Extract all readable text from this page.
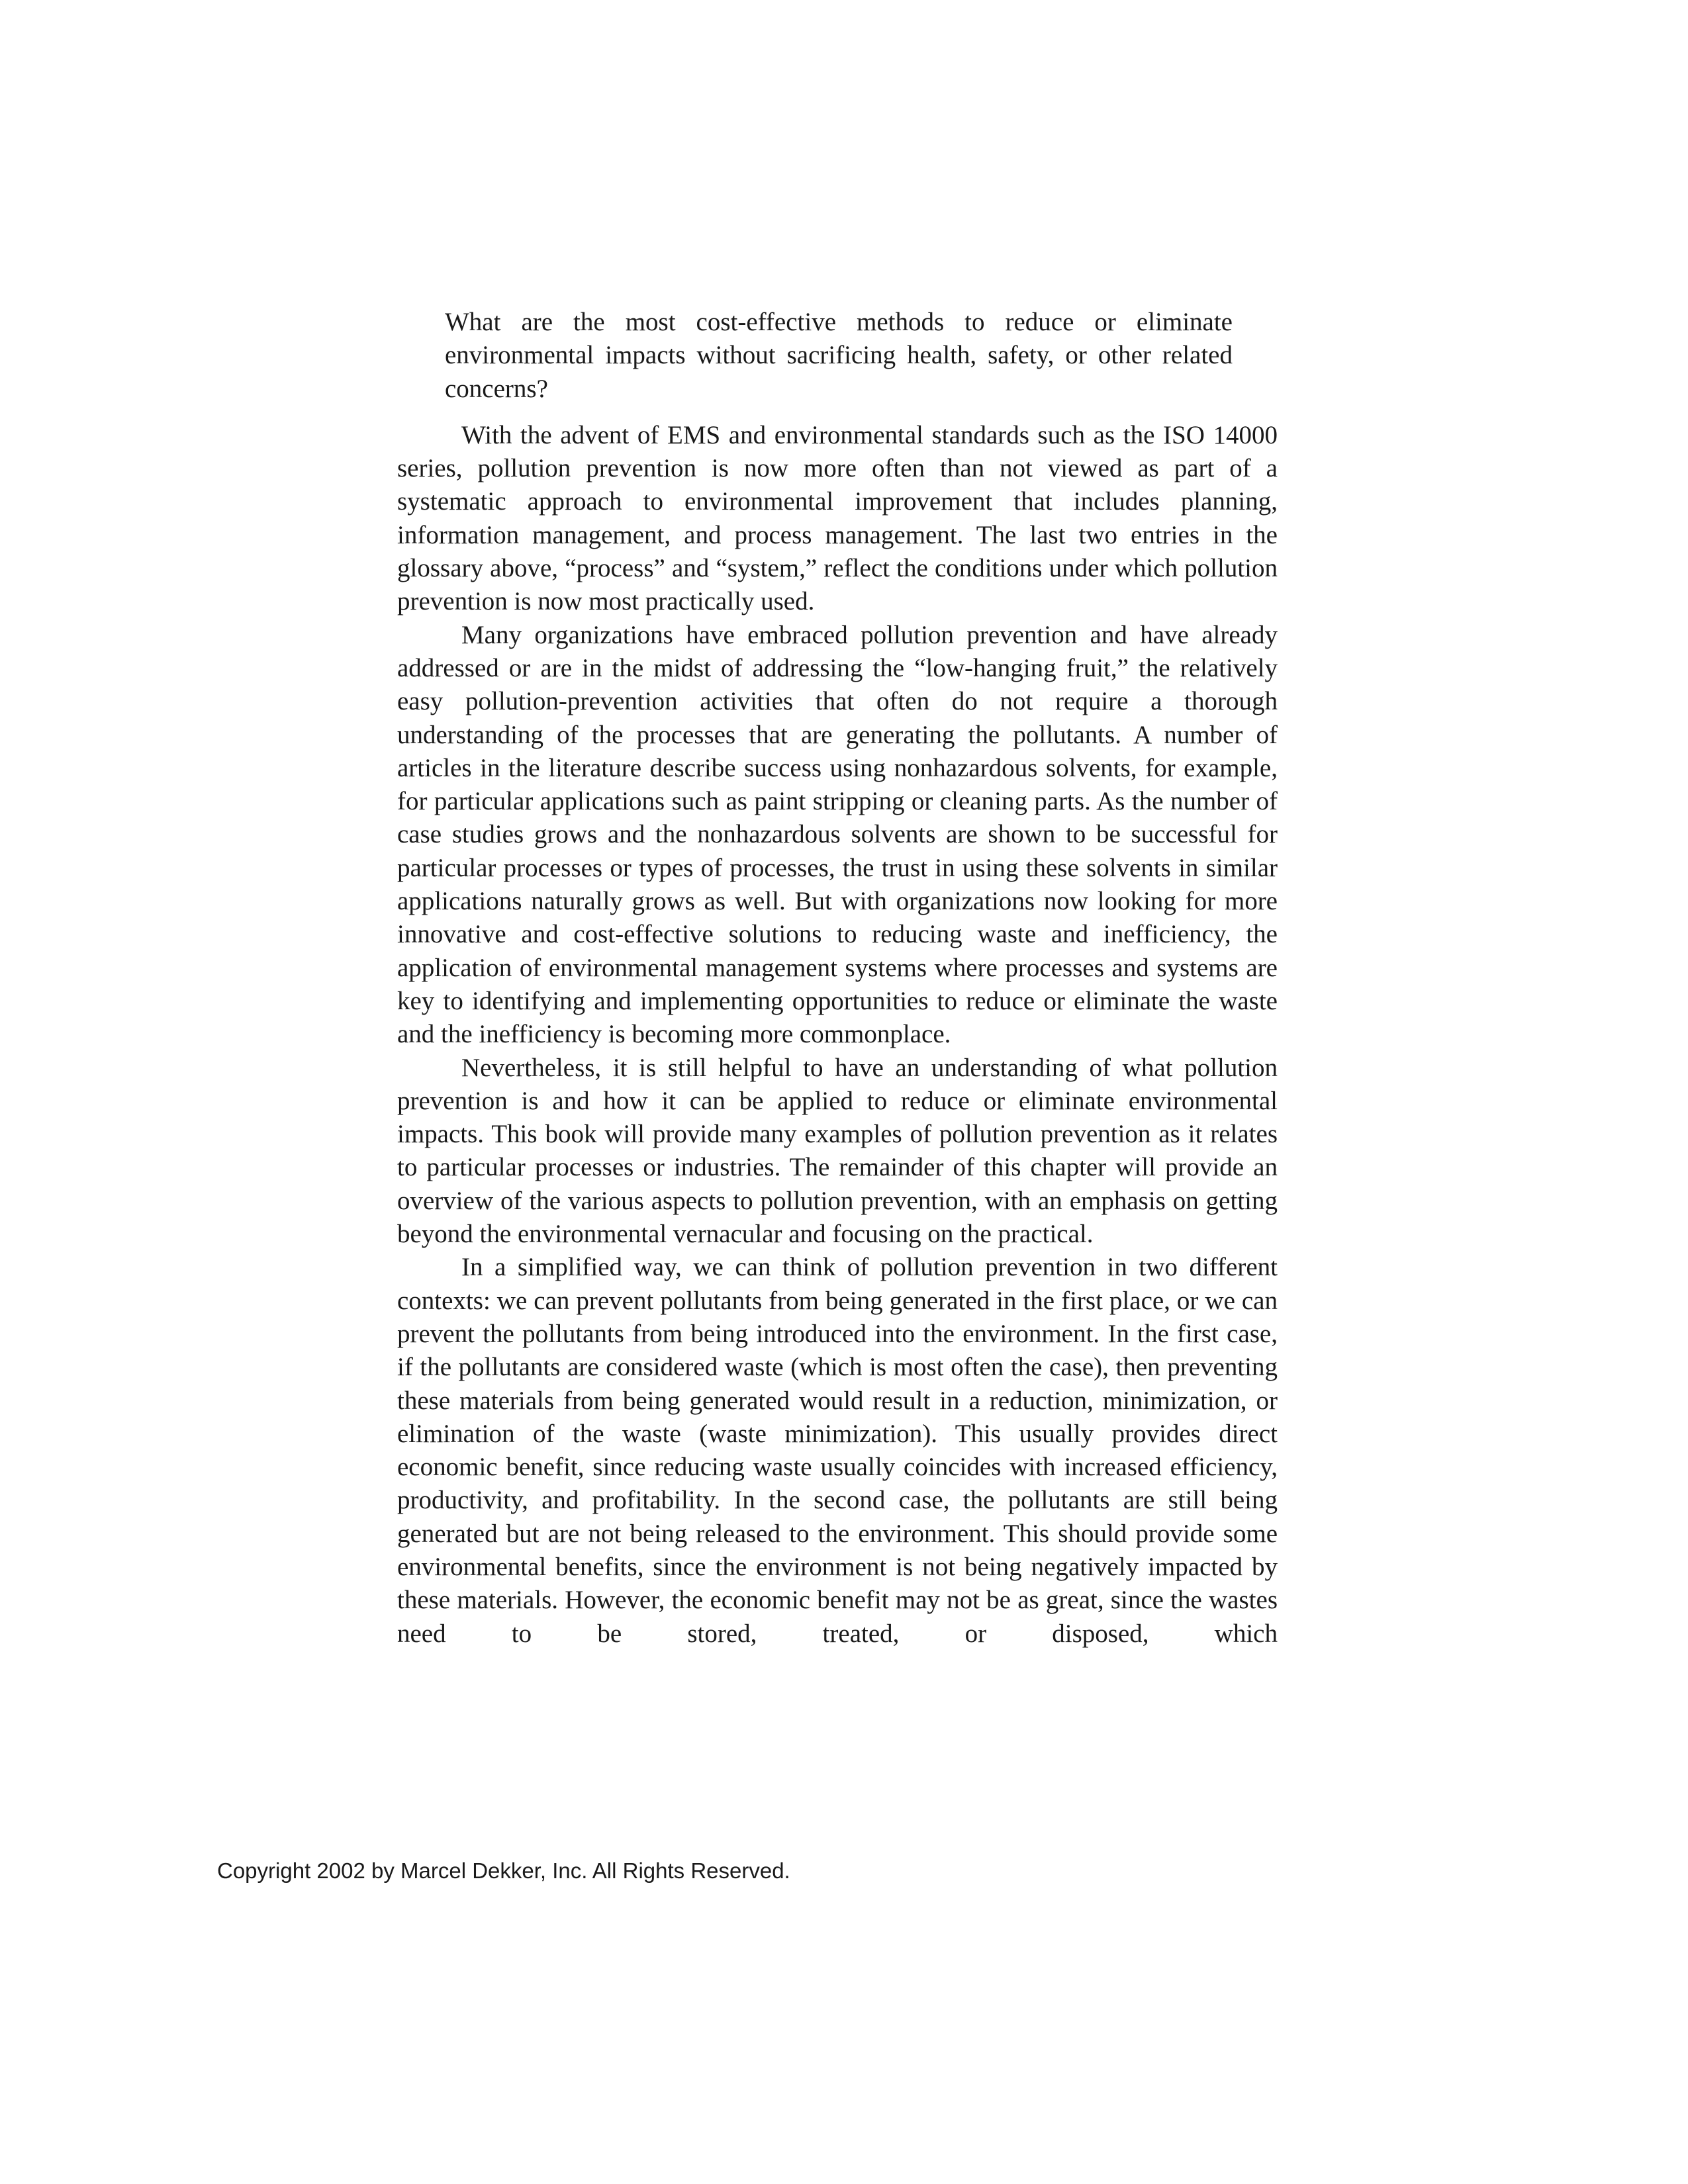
What are the most cost-effective methods to reduce or eliminate environmental impacts without sacrificing health, safety, or other related concerns?

With the advent of EMS and environmental standards such as the ISO 14000 series, pollution prevention is now more often than not viewed as part of a systematic approach to environmental improvement that includes planning, information management, and process management. The last two entries in the glossary above, “process” and “system,” reflect the conditions under which pollution prevention is now most practically used.

Many organizations have embraced pollution prevention and have already addressed or are in the midst of addressing the “low-hanging fruit,” the relatively easy pollution-prevention activities that often do not require a thorough understanding of the processes that are generating the pollutants. A number of articles in the literature describe success using nonhazardous solvents, for example, for particular applications such as paint stripping or cleaning parts. As the number of case studies grows and the nonhazardous solvents are shown to be successful for particular processes or types of processes, the trust in using these solvents in similar applications naturally grows as well. But with organizations now looking for more innovative and cost-effective solutions to reducing waste and inefficiency, the application of environmental management systems where processes and systems are key to identifying and implementing opportunities to reduce or eliminate the waste and the inefficiency is becoming more commonplace.

Nevertheless, it is still helpful to have an understanding of what pollution prevention is and how it can be applied to reduce or eliminate environmental impacts. This book will provide many examples of pollution prevention as it relates to particular processes or industries. The remainder of this chapter will provide an overview of the various aspects to pollution prevention, with an emphasis on getting beyond the environmental vernacular and focusing on the practical.

In a simplified way, we can think of pollution prevention in two different contexts: we can prevent pollutants from being generated in the first place, or we can prevent the pollutants from being introduced into the environment. In the first case, if the pollutants are considered waste (which is most often the case), then preventing these materials from being generated would result in a reduction, minimization, or elimination of the waste (waste minimization). This usually provides direct economic benefit, since reducing waste usually coincides with increased efficiency, productivity, and profitability. In the second case, the pollutants are still being generated but are not being released to the environment. This should provide some environmental benefits, since the environment is not being negatively impacted by these materials. However, the economic benefit may not be as great, since the wastes need to be stored, treated, or disposed, which

Copyright 2002 by Marcel Dekker, Inc. All Rights Reserved.
